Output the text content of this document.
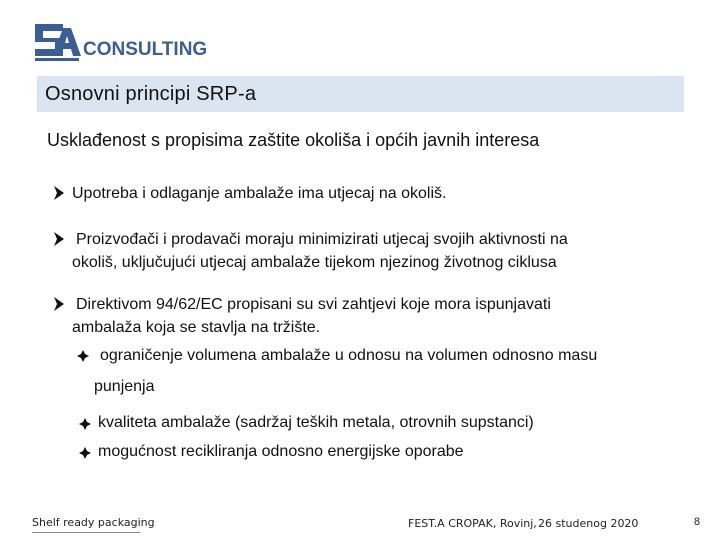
CONSULTING
Osnovni principi SRP-a
Usklađenost s propisima zaštite okoliša i općih javnih interesa
Upotreba i odlaganje ambalaže ima utjecaj na okoliš.
Proizvođači i prodavači moraju minimizirati utjecaj svojih aktivnosti na
okoliš, uključujući utjecaj ambalaže tijekom njezinog životnog ciklusa
Direktivom 94/62/EC propisani su svi zahtjevi koje mora ispunjavati
ambalaža koja se stavlja na tržište.
ograničenje volumena ambalaže u odnosu na volumen odnosno masu
punjenja
kvaliteta ambalaže (sadržaj teških metala, otrovnih supstanci)
mogućnost recikliranja odnosno energijske oporabe
Shelf ready packaging	FEST.A CROPAK, Rovinj, 26 studenog 2020	8
